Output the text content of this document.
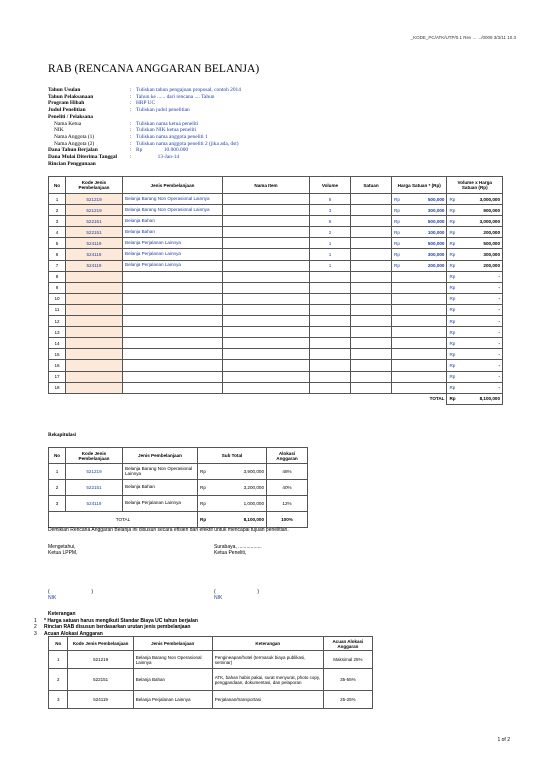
_KODE_PC/ATK/UTP/0.1 Rev ... .../0009 3/3/11 10.3
RAB (RENCANA ANGGARAN BELANJA)
Tahun Usulan	: Tuliskan tahun pengajuan proposal, contoh 2014
Tahun Pelaksanaan	: Tahun ke ...... dari rencana .... Tahun
Program Hibah	: HRP UC
Judul Penelitian	: Tuliskan judul penelitian
Peneliti / Pelaksana
Nama Ketua	: Tuliskan nama ketua peneliti
NIK	: Tuliskan NIK ketua peneliti
Nama Anggota (1)	: Tuliskan nama anggota peneliti 1
Nama Anggota (2)	: Tuliskan nama anggota peneliti 2 (jika ada, dst)
Dana Tahun Berjalan	: Rp                10.000.000
Dana Mulai Diterima Tanggal	: 13-Jan-14
Rincian Penggunaan
No	Kode Jenis Pembelanjaan	Jenis Pembelanjaan	Nama Item	Volume	Satuan	Harga Satuan * (Rp)		Volume x Harga Satuan (Rp)	
1	521219	Belanja Barang Non Operasional Lainnya		6		Rp	500,000	Rp	3,000,000
2	521219	Belanja Barang Non Operasional Lainnya		3		Rp	300,000	Rp	900,000
3	522151	Belanja Bahan		6		Rp	500,000	Rp	3,000,000
4	522151	Belanja Bahan		2		Rp	100,000	Rp	200,000
5	524119	Belanja Perjalanan Lainnya		1		Rp	500,000	Rp	500,000
6	524119	Belanja Perjalanan Lainnya		1		Rp	300,000	Rp	300,000
7	524119	Belanja Perjalanan Lainnya		1		Rp	200,000	Rp	200,000
8								Rp	-
9								Rp	-
10								Rp	-
11								Rp	-
12								Rp	-
13								Rp	-
14								Rp	-
15								Rp	-
16								Rp	-
17								Rp	-
18								Rp	-
TOTAL								Rp	8,100,000
Rekapitulasi
No	Kode Jenis Pembelanjaan	Jenis Pembelanjaan	Sub Total		Alokasi Anggaran
1	521219	Belanja Barang Non Operasional Lainnya	Rp	3,900,000	48%
2	522151	Belanja Bahan	Rp	3,200,000	40%
3	524119	Belanja Perjalanan Lainnya	Rp	1,000,000	12%
TOTAL			Rp	8,100,000	100%
Demikian Rencana Anggaran Belanja ini disusun secara efisien dan efektif untuk mencapai tujuan penelitian.
Mengetahui,
Ketua LPPM,
(                              )
NIK
Surabaya, .................
Ketua Peneliti,
(                              )
NIK
Keterangan
1	* Harga satuan harus mengikuti Standar Biaya UC tahun berjalan
2	Rincian RAB disusun berdasarkan urutan jenis pembelanjaan
3	Acuan Alokasi Anggaran
No	Kode Jenis Pembelanjaan	Jenis Pembelanjaan	Keterangan	Acuan Alokasi Anggaran
1	521219	Belanja Barang Non Operasional Lainnya	Pengineapan/hotel (termasuk biaya publikasi, seminar)	Maksimal 25%
2	522151	Belanja Bahan	ATK, bahan habis pakai, surat menyurat, photo copy, penggandaan, dokumentasi, dan pelaporan	35-55%
3	524119	Belanja Perjalanan Lainnya	Perjalanan/transportasi	25-25%
1 of 2
